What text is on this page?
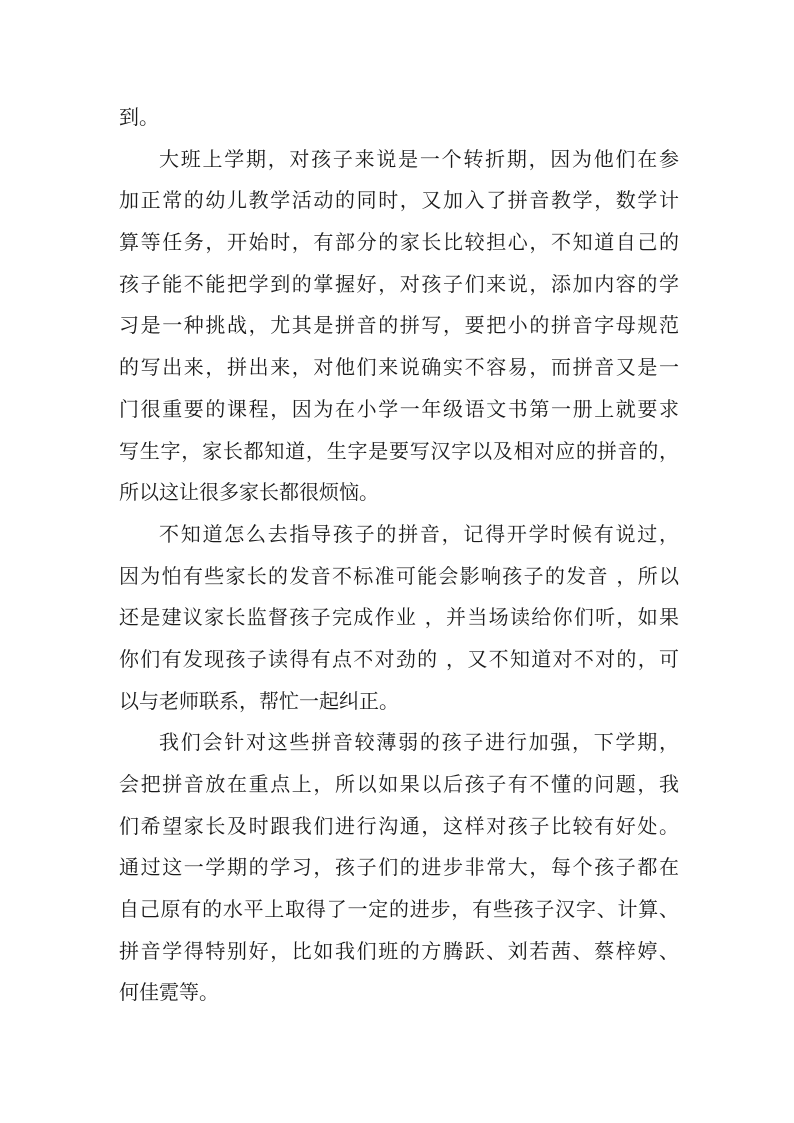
到。
大班上学期，对孩子来说是一个转折期，因为他们在参
加正常的幼儿教学活动的同时，又加入了拼音教学，数学计
算等任务，开始时，有部分的家长比较担心，不知道自己的
孩子能不能把学到的掌握好，对孩子们来说，添加内容的学
习是一种挑战，尤其是拼音的拼写，要把小的拼音字母规范
的写出来，拼出来，对他们来说确实不容易，而拼音又是一
门很重要的课程，因为在小学一年级语文书第一册上就要求
写生字，家长都知道，生字是要写汉字以及相对应的拼音的，
所以这让很多家长都很烦恼。
不知道怎么去指导孩子的拼音，记得开学时候有说过，
因为怕有些家长的发音不标准可能会影响孩子的发音 ，所以
还是建议家长监督孩子完成作业 ，并当场读给你们听，如果
你们有发现孩子读得有点不对劲的 ，又不知道对不对的，可
以与老师联系，帮忙一起纠正。
我们会针对这些拼音较薄弱的孩子进行加强，下学期，
会把拼音放在重点上，所以如果以后孩子有不懂的问题，我
们希望家长及时跟我们进行沟通，这样对孩子比较有好处。
通过这一学期的学习，孩子们的进步非常大，每个孩子都在
自己原有的水平上取得了一定的进步，有些孩子汉字、计算、
拼音学得特别好，比如我们班的方腾跃、刘若茜、蔡梓婷、
何佳霓等。
